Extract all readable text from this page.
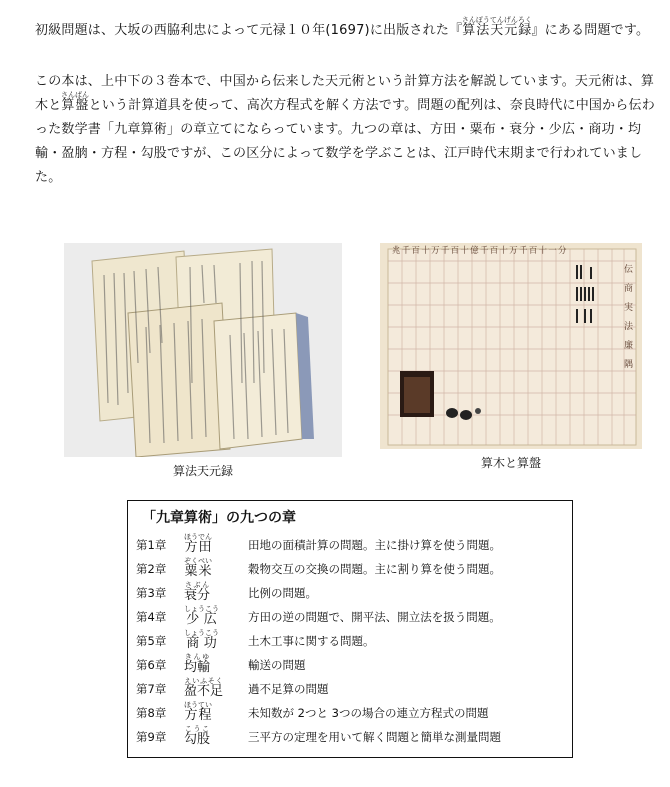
初級問題は、大坂の西脇利忠によって元禄１０年(1697)に出版された『算法天元録さんぽうてんげんろく』にある問題です。

この本は、上中下の３巻本で、中国から伝来した天元術という計算方法を解説しています。天元術は、算木と算盤さんばんという計算道具を使って、高次方程式を解く方法です。問題の配列は、奈良時代に中国から伝わった数学書「九章算術」の章立てにならっています。九つの章は、方田・粟布・衰分・少広・商功・均輸・盈朒・方程・勾股ですが、この区分によって数学を学ぶことは、江戸時代末期まで行われていました。

兆千百十万千百十億千百十万千百十一分
伝商実法廉隅

算法天元録

算木と算盤

「九章算術」の九つの章
第1章 方田ほうでん
田地の面積計算の問題。主に掛け算を使う問題。
第2章 粟米ぞくべい
穀物交互の交換の問題。主に割り算を使う問題。
第3章 衰分さぶん
比例の問題。
第4章 少広しょうこう
方田の逆の問題で、開平法、開立法を扱う問題。
第5章 商功しょうこう
土木工事に関する問題。
第6章 均輸きんゆ
輸送の問題
第7章 盈不足えいふそく
過不足算の問題
第8章 方程ほうてい
未知数が 2つと 3つの場合の連立方程式の問題
第9章 勾股こうこ
三平方の定理を用いて解く問題と簡単な測量問題
